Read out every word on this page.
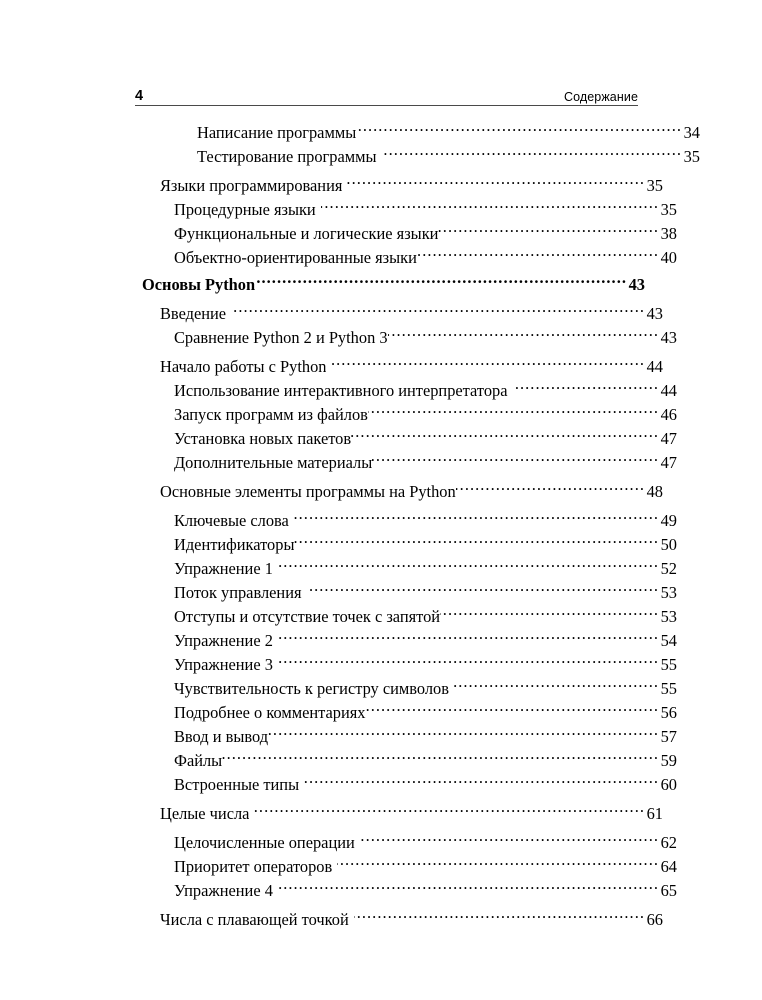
4	Содержание
Написание программы .....	34
Тестирование программы .....	35
Языки программирования .....	35
Процедурные языки .....	35
Функциональные и логические языки .....	38
Объектно-ориентированные языки .....	40
Основы Python .....	43
Введение .....	43
Сравнение Python 2 и Python 3 .....	43
Начало работы с Python .....	44
Использование интерактивного интерпретатора .....	44
Запуск программ из файлов .....	46
Установка новых пакетов .....	47
Дополнительные материалы .....	47
Основные элементы программы на Python .....	48
Ключевые слова .....	49
Идентификаторы .....	50
Упражнение 1 .....	52
Поток управления .....	53
Отступы и отсутствие точек с запятой .....	53
Упражнение 2 .....	54
Упражнение 3 .....	55
Чувствительность к регистру символов .....	55
Подробнее о комментариях .....	56
Ввод и вывод .....	57
Файлы .....	59
Встроенные типы .....	60
Целые числа .....	61
Целочисленные операции .....	62
Приоритет операторов .....	64
Упражнение 4 .....	65
Числа с плавающей точкой .....	66
